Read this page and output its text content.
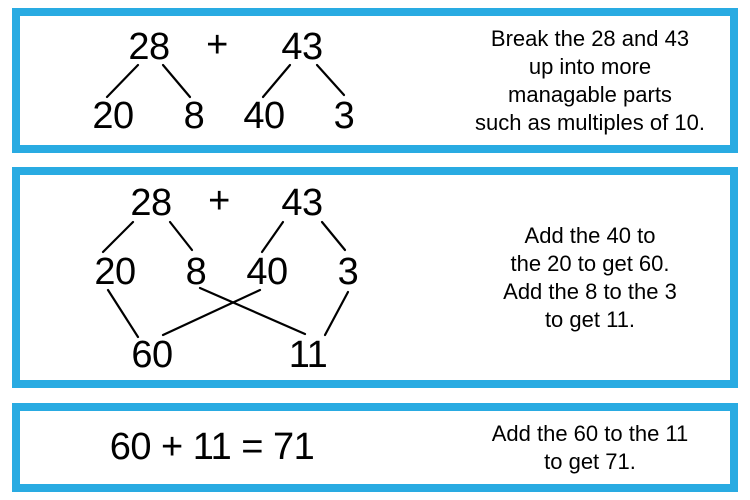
28 + 43
20 8 40 3
Break the 28 and 43
up into more
managable parts
such as multiples of 10.
28 + 43
20 8 40 3
60	11
Add the 40 to
the 20 to get 60.
Add the 8 to the 3
to get 11.
60 + 11 = 71	Add the 60 to the 11
to get 71.
